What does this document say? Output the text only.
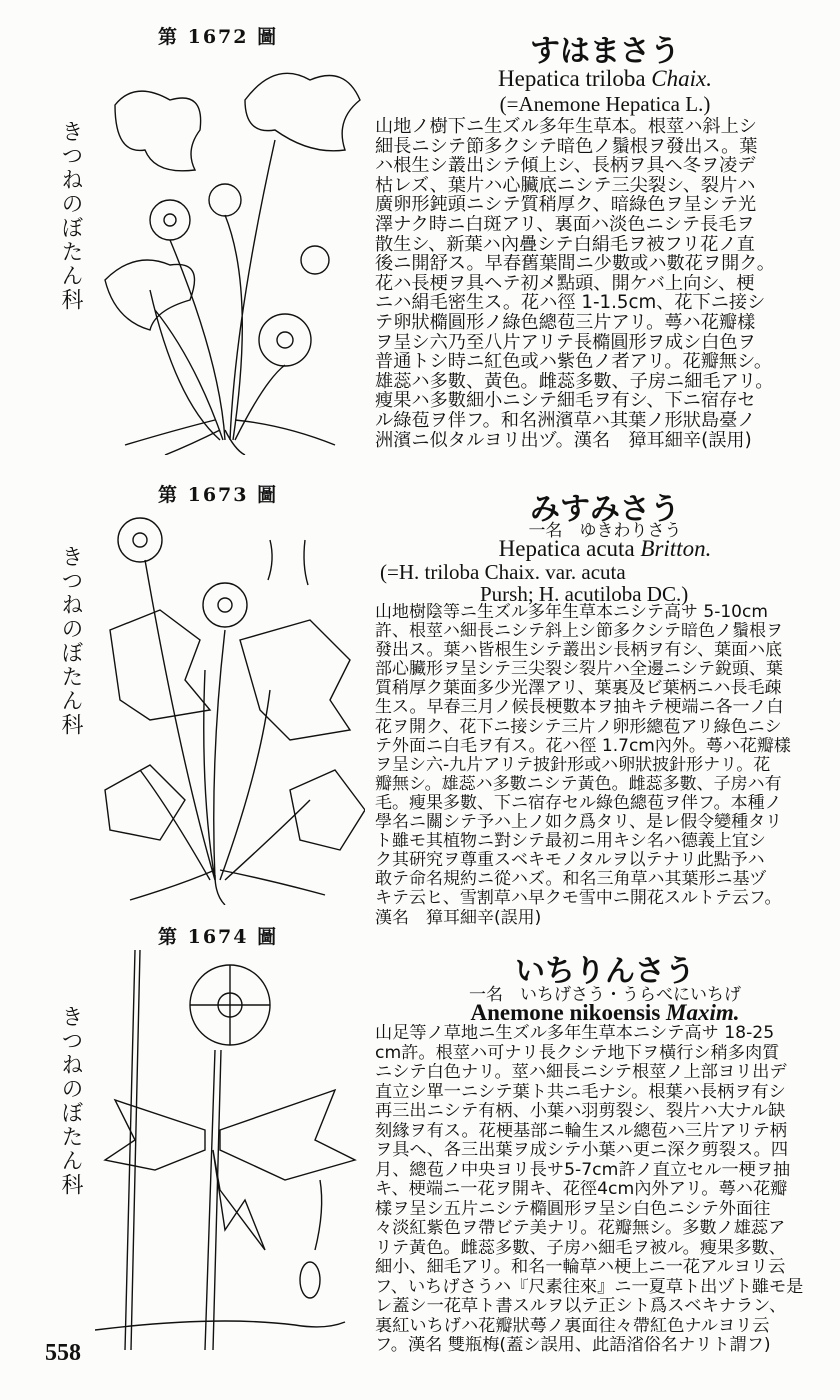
第 1672 圖
きつねのぼたん科
すはまさう
Hepatica triloba Chaix.
(=Anemone Hepatica L.)
山地ノ樹下ニ生ズル多年生草本。根莖ハ斜上シ
細長ニシテ節多クシテ暗色ノ鬚根ヲ發出ス。葉
ハ根生シ叢出シテ傾上シ、長柄ヲ具ヘ冬ヲ凌デ
枯レズ、葉片ハ心臟底ニシテ三尖裂シ、裂片ハ
廣卵形鈍頭ニシテ質稍厚ク、暗綠色ヲ呈シテ光
澤ナク時ニ白斑アリ、裏面ハ淡色ニシテ長毛ヲ
散生シ、新葉ハ內疊シテ白絹毛ヲ被フリ花ノ直
後ニ開舒ス。早春舊葉間ニ少數或ハ數花ヲ開ク。
花ハ長梗ヲ具ヘテ初メ點頭、開ケバ上向シ、梗
ニハ絹毛密生ス。花ハ徑 1-1.5cm、花下ニ接シ
テ卵狀橢圓形ノ綠色總苞三片アリ。蕚ハ花瓣樣
ヲ呈シ六乃至八片アリテ長橢圓形ヲ成シ白色ヲ
普通トシ時ニ紅色或ハ紫色ノ者アリ。花瓣無シ。
雄蕊ハ多數、黃色。雌蕊多數、子房ニ細毛アリ。
瘦果ハ多數細小ニシテ細毛ヲ有シ、下ニ宿存セ
ル綠苞ヲ伴フ。和名洲濱草ハ其葉ノ形狀島臺ノ
洲濱ニ似タルヨリ出ヅ。漢名　獐耳細辛(誤用)
第 1673 圖
きつねのぼたん科
みすみさう
一名　ゆきわりさう
Hepatica acuta Britton.
(=H. triloba Chaix. var. acuta
Pursh; H. acutiloba DC.)
山地樹陰等ニ生ズル多年生草本ニシテ高サ 5-10cm
許、根莖ハ細長ニシテ斜上シ節多クシテ暗色ノ鬚根ヲ
發出ス。葉ハ皆根生シテ叢出シ長柄ヲ有シ、葉面ハ底
部心臟形ヲ呈シテ三尖裂シ裂片ハ全邊ニシテ銳頭、葉
質稍厚ク葉面多少光澤アリ、葉裏及ビ葉柄ニハ長毛疎
生ス。早春三月ノ候長梗數本ヲ抽キテ梗端ニ各一ノ白
花ヲ開ク、花下ニ接シテ三片ノ卵形總苞アリ綠色ニシ
テ外面ニ白毛ヲ有ス。花ハ徑 1.7cm內外。蕚ハ花瓣樣
ヲ呈シ六-九片アリテ披針形或ハ卵狀披針形ナリ。花
瓣無シ。雄蕊ハ多數ニシテ黃色。雌蕊多數、子房ハ有
毛。瘦果多數、下ニ宿存セル綠色總苞ヲ伴フ。本種ノ
學名ニ關シテ予ハ上ノ如ク爲タリ、是レ假令變種タリ
ト雖モ其植物ニ對シテ最初ニ用キシ名ハ德義上宜シ
ク其硏究ヲ尊重スベキモノタルヲ以テナリ此點予ハ
敢テ命名規約ニ從ハズ。和名三角草ハ其葉形ニ基ヅ
キテ云ヒ、雪割草ハ早クモ雪中ニ開花スルトテ云フ。
漢名　獐耳細辛(誤用)
第 1674 圖
きつねのぼたん科
いちりんさう
一名　いちげさう・うらべにいちげ
Anemone nikoensis Maxim.
山足等ノ草地ニ生ズル多年生草本ニシテ高サ 18-25
cm許。根莖ハ可ナリ長クシテ地下ヲ橫行シ稍多肉質
ニシテ白色ナリ。莖ハ細長ニシテ根莖ノ上部ヨリ出デ
直立シ單一ニシテ葉ト共ニ毛ナシ。根葉ハ長柄ヲ有シ
再三出ニシテ有柄、小葉ハ羽剪裂シ、裂片ハ大ナル缺
刻緣ヲ有ス。花梗基部ニ輪生スル總苞ハ三片アリテ柄
ヲ具ヘ、各三出葉ヲ成シテ小葉ハ更ニ深ク剪裂ス。四
月、總苞ノ中央ヨリ長サ5-7cm許ノ直立セル一梗ヲ抽
キ、梗端ニ一花ヲ開キ、花徑4cm內外アリ。蕚ハ花瓣
樣ヲ呈シ五片ニシテ橢圓形ヲ呈シ白色ニシテ外面往
々淡紅紫色ヲ帶ビテ美ナリ。花瓣無シ。多數ノ雄蕊ア
リテ黃色。雌蕊多數、子房ハ細毛ヲ被ル。瘦果多數、
細小、細毛アリ。和名一輪草ハ梗上ニ一花アルヨリ云
フ、いちげさうハ『尺素往來』ニ一夏草ト出ヅト雖モ是
レ蓋シ一花草ト書スルヲ以テ正シト爲スベキナラン、
裏紅いちげハ花瓣狀蕚ノ裏面往々帶紅色ナルヨリ云
フ。漢名 雙瓶梅(蓋シ誤用、此語渻俗名ナリト謂フ)
558
